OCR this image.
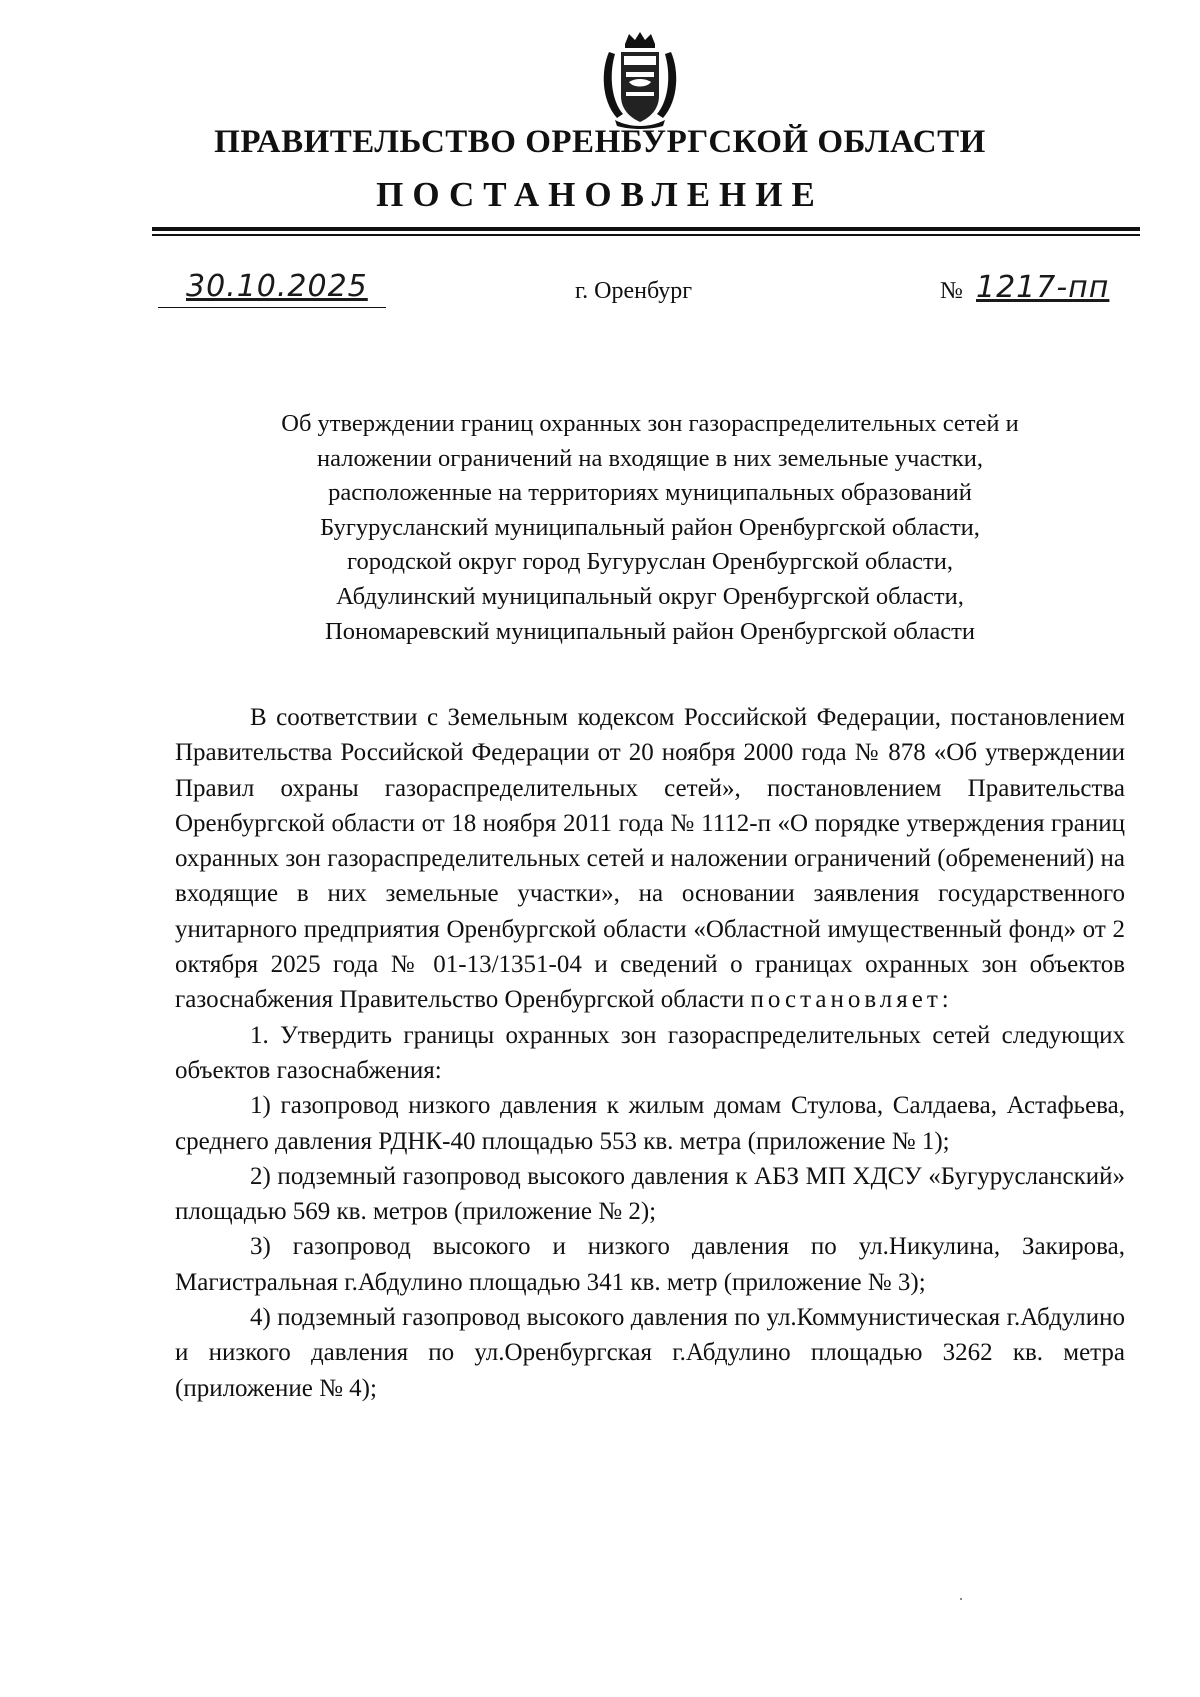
ПРАВИТЕЛЬСТВО ОРЕНБУРГСКОЙ ОБЛАСТИ
ПОСТАНОВЛЕНИЕ
30.10.2025	г. Оренбург	№ 1217-пп
Об утверждении границ охранных зон газораспределительных сетей и
наложении ограничений на входящие в них земельные участки,
расположенные на территориях муниципальных образований
Бугурусланский муниципальный район Оренбургской области,
городской округ город Бугуруслан Оренбургской области,
Абдулинский муниципальный округ Оренбургской области,
Пономаревский муниципальный район Оренбургской области

В соответствии с Земельным кодексом Российской Федерации, постановлением Правительства Российской Федерации от 20 ноября 2000 года № 878 «Об утверждении Правил охраны газораспределительных сетей», постановлением Правительства Оренбургской области от 18 ноября 2011 года № 1112-п «О порядке утверждения границ охранных зон газораспределительных сетей и наложении ограничений (обременений) на входящие в них земельные участки», на основании заявления государственного унитарного предприятия Оренбургской области «Областной имущественный фонд» от 2 октября 2025 года № 01-13/1351-04 и сведений о границах охранных зон объектов газоснабжения Правительство Оренбургской области постановляет:

1. Утвердить границы охранных зон газораспределительных сетей следующих объектов газоснабжения:

1) газопровод низкого давления к жилым домам Стулова, Салдаева, Астафьева, среднего давления РДНК-40 площадью 553 кв. метра (приложение № 1);

2) подземный газопровод высокого давления к АБЗ МП ХДСУ «Бугурусланский» площадью 569 кв. метров (приложение № 2);

3) газопровод высокого и низкого давления по ул.Никулина, Закирова, Магистральная г.Абдулино площадью 341 кв. метр (приложение № 3);

4) подземный газопровод высокого давления по ул.Коммунистическая г.Абдулино и низкого давления по ул.Оренбургская г.Абдулино площадью 3262 кв. метра (приложение № 4);
